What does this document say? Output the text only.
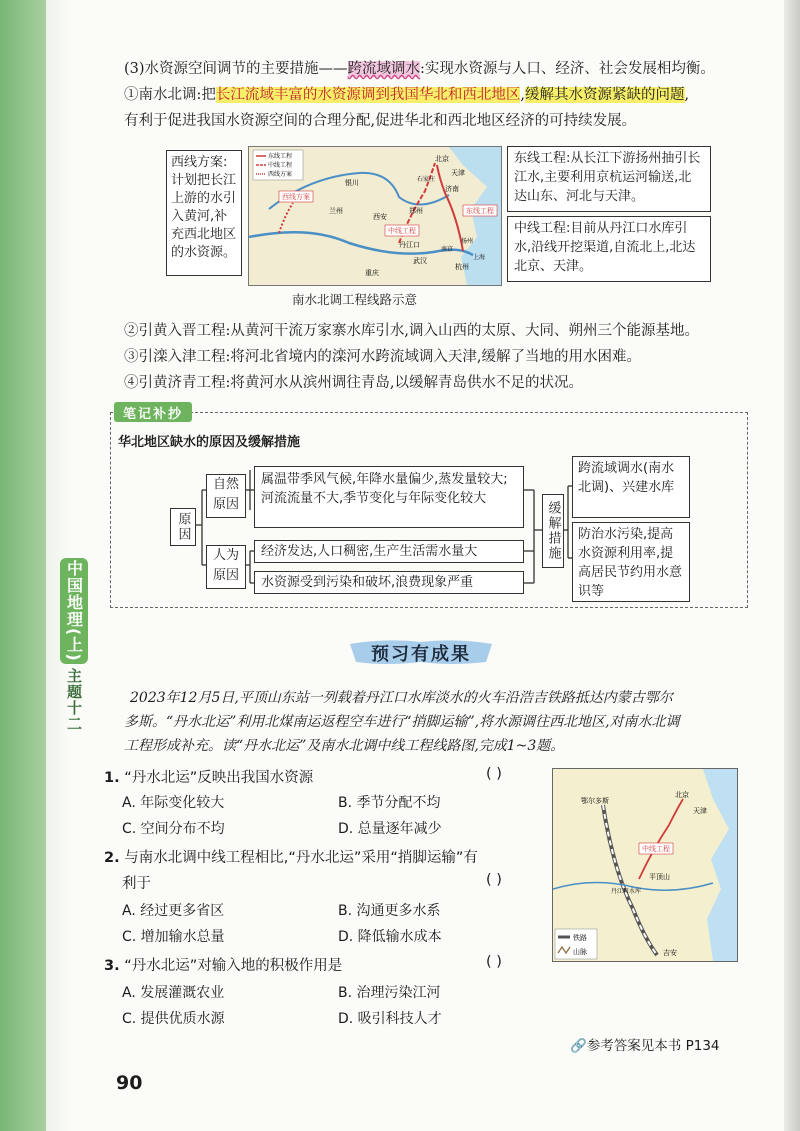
中国地理(上)
主题十二
(3)水资源空间调节的主要措施——跨流域调水:实现水资源与人口、经济、社会发展相均衡。
①南水北调:把长江流域丰富的水资源调到我国华北和西北地区,缓解其水资源紧缺的问题,
有利于促进我国水资源空间的合理分配,促进华北和西北地区经济的可持续发展。
西线方案:计划把长江上游的水引入黄河,补充西北地区的水资源。
东线工程
中线工程
西线方案
西线方案
中线工程
东线工程
北京
天津
石家庄
济南
银川
兰州
西安
郑州
丹江口
武汉
重庆
杭州
扬州
南京
上海
东线工程:从长江下游扬州抽引长江水,主要利用京杭运河输送,北达山东、河北与天津。
中线工程:目前从丹江口水库引水,沿线开挖渠道,自流北上,北达北京、天津。
南水北调工程线路示意
②引黄入晋工程:从黄河干流万家寨水库引水,调入山西的太原、大同、朔州三个能源基地。
③引滦入津工程:将河北省境内的滦河水跨流域调入天津,缓解了当地的用水困难。
④引黄济青工程:将黄河水从滨州调往青岛,以缓解青岛供水不足的状况。
笔记补抄
华北地区缺水的原因及缓解措施
原因
自然原因
人为原因
属温带季风气候,年降水量偏少,蒸发量较大;河流流量不大,季节变化与年际变化较大
经济发达,人口稠密,生产生活需水量大
水资源受到污染和破坏,浪费现象严重
缓解措施
跨流域调水(南水北调)、兴建水库
防治水污染,提高水资源利用率,提高居民节约用水意识等
预习有成果
2023年12月5日,平顶山东站一列载着丹江口水库淡水的火车沿浩吉铁路抵达内蒙古鄂尔
多斯。“丹水北运”利用北煤南运返程空车进行“捎脚运输”,将水源调往西北地区,对南水北调
工程形成补充。读“丹水北运”及南水北调中线工程线路图,完成1~3题。
1. “丹水北运”反映出我国水资源	( )
A. 年际变化较大	B. 季节分配不均
C. 空间分布不均	D. 总量逐年减少
2. 与南水北调中线工程相比,“丹水北运”采用“捎脚运输”有
利于	( )
A. 经过更多省区	B. 沟通更多水系
C. 增加输水总量	D. 降低输水成本
3. “丹水北运”对输入地的积极作用是	( )
A. 发展灌溉农业	B. 治理污染江河
C. 提供优质水源	D. 吸引科技人才
鄂尔多斯
北京
天津
中线工程
平顶山
丹江口水库
吉安
铁路
山脉
🔗参考答案见本书 P134
90
